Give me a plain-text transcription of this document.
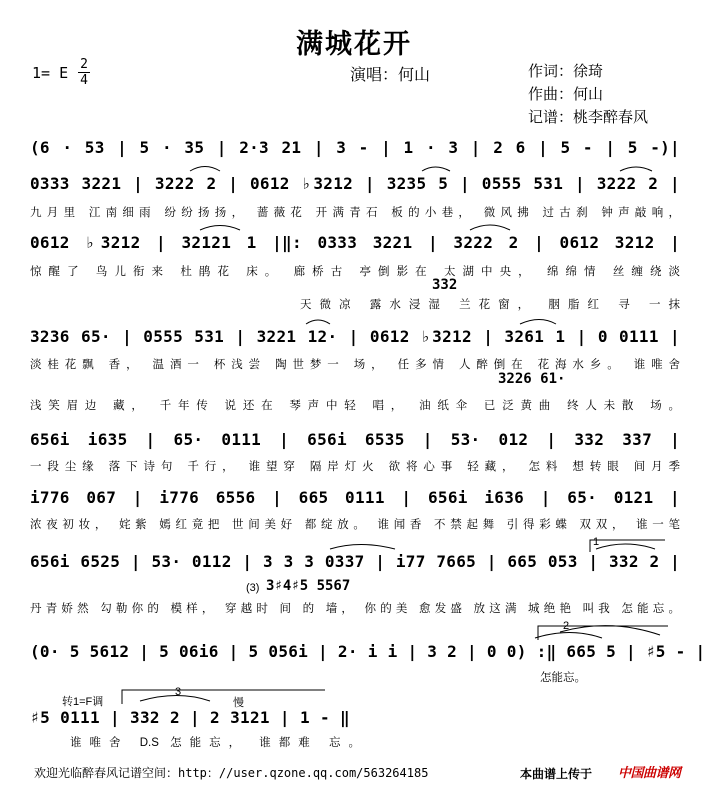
满城花开
1= E 2
4	演唱：何山	作词：徐琦
作曲：何山
记谱：桃李醉春风
(6 · 53 | 5 · 35 | 2·3 21 | 3 - | 1 · 3 | 2 6 | 5 - | 5 -)|
0333 3221 | 3222 2 | 0612 ♭3212 | 3235 5 | 0555 531 | 3222 2 |
九月里 江南细雨 纷纷扬扬， 蔷薇花 开满青石 板的小巷， 微风拂 过古刹 钟声敲响，
0612 ♭3212 | 32121 1 |‖: 0333 3221 | 3222 2 | 0612 3212 |
惊醒了 鸟儿衔来 杜鹃花 床。 廊桥古 亭倒影在 太湖中央， 绵绵情 丝缠绕淡
天微凉 露水浸湿 兰花窗， 胭脂红 寻 一抹
332
3236 65· | 0555 531 | 3221 12· | 0612 ♭3212 | 3261 1 | 0 0111 |
淡桂花飘 香， 温酒一 杯浅尝 陶世梦一 场， 任多情 人醉倒在 花海水乡。 谁唯舍
3226 61·
浅笑眉边 藏， 千年传 说还在 琴声中轻 唱， 油纸伞 已泛黄曲 终人未散 场。
656i i635 | 65· 0111 | 656i 6535 | 53· 012 | 332 337 |
一段尘缘 落下诗句 千行， 谁望穿 隔岸灯火 欲将心事 轻藏， 怎料 想转眼 间月季
i776 067 | i776 6556 | 665 0111 | 656i i636 | 65· 0121 |
浓夜初妆， 姹紫 嫣红竟把 世间美好 都绽放。 谁闻香 不禁起舞 引得彩蝶 双双， 谁一笔
656i 6525 | 53· 0112 | 3 3 3 0337 | i77 7665 | 665 053 | 332 2 |
(3) 3♯4♯5 5567
丹青娇然 勾勒你的 模样， 穿越时 间 的 墙， 你的美 愈发盛 放这满 城绝艳 叫我 怎能忘。
1
(0· 5 5612 | 5 06i6 | 5 056i | 2· i i | 3 2 | 0 0) :‖ 665 5 | ♯5 - |
怎能忘。
2
转1=F调	慢
3
♯5 0111 | 332 2 | 2 3121 | 1 - ‖
谁唯舍 D.S 怎能忘， 谁都难 忘。
欢迎光临醉春风记谱空间：http：//user.qzone.qq.com/563264185	本曲谱上传于 中国曲谱网
